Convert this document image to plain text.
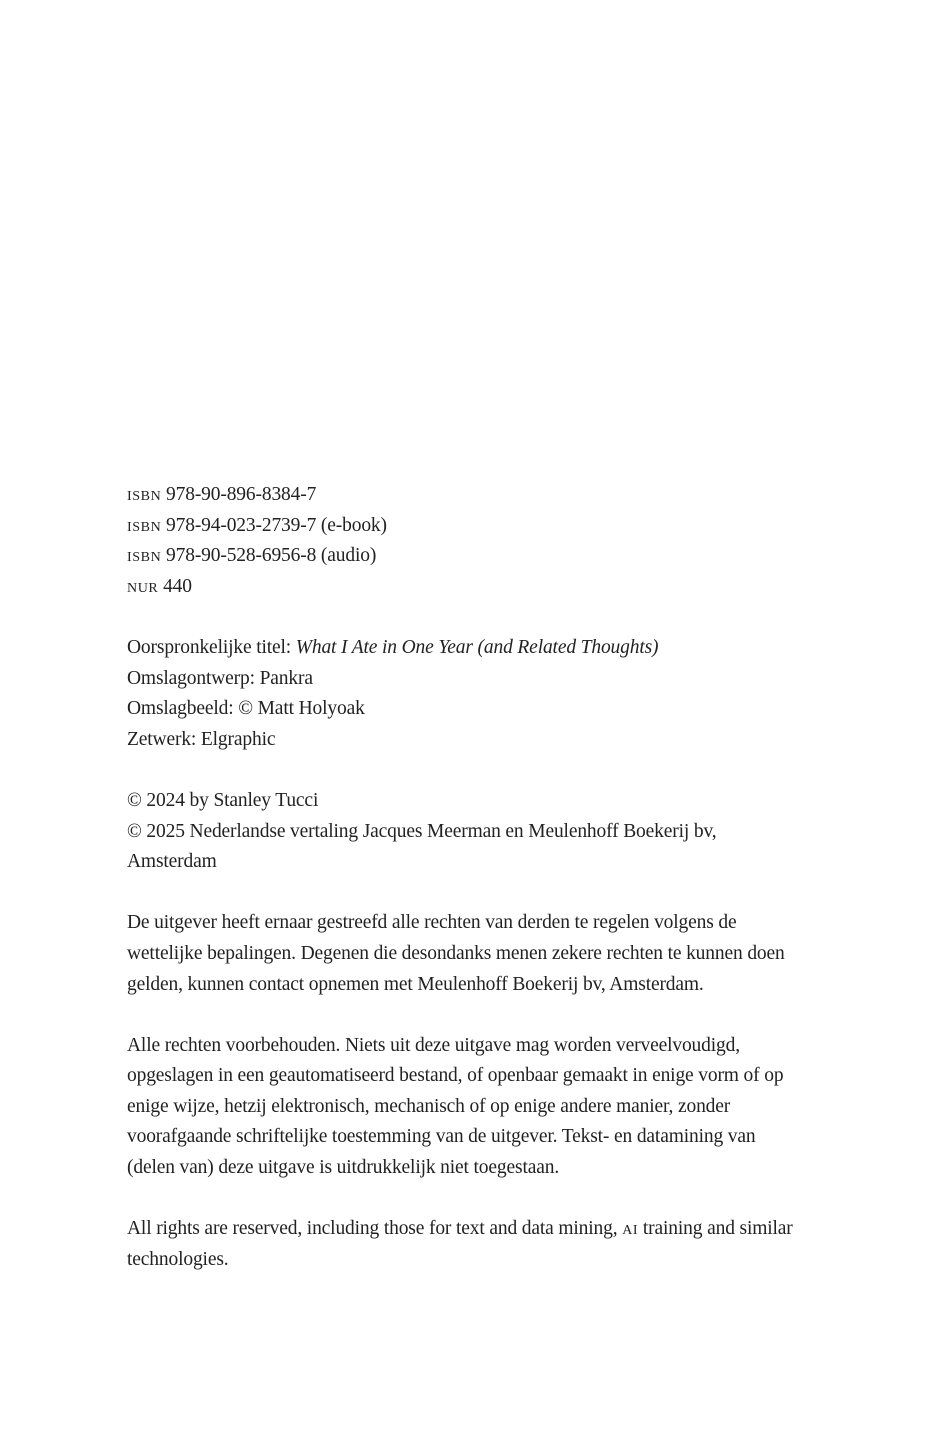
isbn 978-90-896-8384-7
isbn 978-94-023-2739-7 (e-book)
isbn 978-90-528-6956-8 (audio)
nur 440
Oorspronkelijke titel: What I Ate in One Year (and Related Thoughts)
Omslagontwerp: Pankra
Omslagbeeld: © Matt Holyoak
Zetwerk: Elgraphic
© 2024 by Stanley Tucci
© 2025 Nederlandse vertaling Jacques Meerman en Meulenhoff Boekerij bv,
Amsterdam
De uitgever heeft ernaar gestreefd alle rechten van derden te regelen volgens de
wettelijke bepalingen. Degenen die desondanks menen zekere rechten te kunnen doen
gelden, kunnen contact opnemen met Meulenhoff Boekerij bv, Amsterdam.
Alle rechten voorbehouden. Niets uit deze uitgave mag worden verveelvoudigd,
opgeslagen in een geautomatiseerd bestand, of openbaar gemaakt in enige vorm of op
enige wijze, hetzij elektronisch, mechanisch of op enige andere manier, zonder
voorafgaande schriftelijke toestemming van de uitgever. Tekst- en datamining van
(delen van) deze uitgave is uitdrukkelijk niet toegestaan.
All rights are reserved, including those for text and data mining, ai training and similar
technologies.
